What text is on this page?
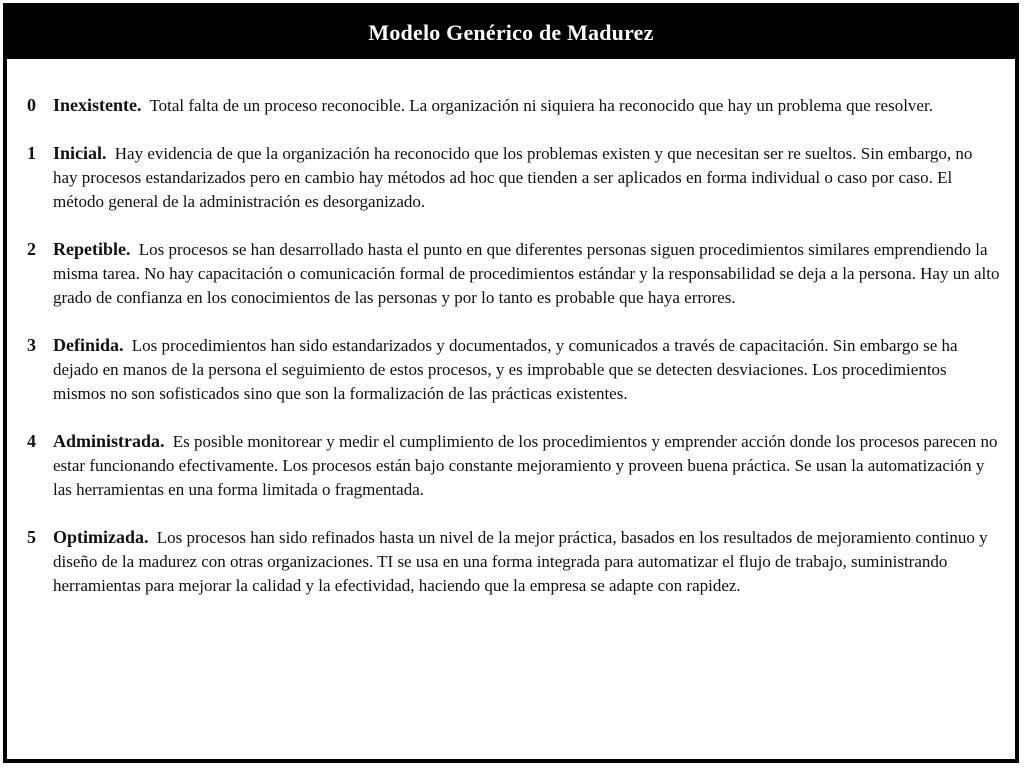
Modelo Genérico de Madurez
0 Inexistente. Total falta de un proceso reconocible. La organización ni siquiera ha reconocido que hay un problema que resolver.
1 Inicial. Hay evidencia de que la organización ha reconocido que los problemas existen y que necesitan ser re sueltos. Sin embargo, no hay procesos estandarizados pero en cambio hay métodos ad hoc que tienden a ser aplicados en forma individual o caso por caso. El método general de la administración es desorganizado.
2 Repetible. Los procesos se han desarrollado hasta el punto en que diferentes personas siguen procedimientos similares emprendiendo la misma tarea. No hay capacitación o comunicación formal de procedimientos estándar y la responsabilidad se deja a la persona. Hay un alto grado de confianza en los conocimientos de las personas y por lo tanto es probable que haya errores.
3 Definida. Los procedimientos han sido estandarizados y documentados, y comunicados a través de capacitación. Sin embargo se ha dejado en manos de la persona el seguimiento de estos procesos, y es improbable que se detecten desviaciones. Los procedimientos mismos no son sofisticados sino que son la formalización de las prácticas existentes.
4 Administrada. Es posible monitorear y medir el cumplimiento de los procedimientos y emprender acción donde los procesos parecen no estar funcionando efectivamente. Los procesos están bajo constante mejoramiento y proveen buena práctica. Se usan la automatización y las herramientas en una forma limitada o fragmentada.
5 Optimizada. Los procesos han sido refinados hasta un nivel de la mejor práctica, basados en los resultados de mejoramiento continuo y diseño de la madurez con otras organizaciones. TI se usa en una forma integrada para automatizar el flujo de trabajo, suministrando herramientas para mejorar la calidad y la efectividad, haciendo que la empresa se adapte con rapidez.
